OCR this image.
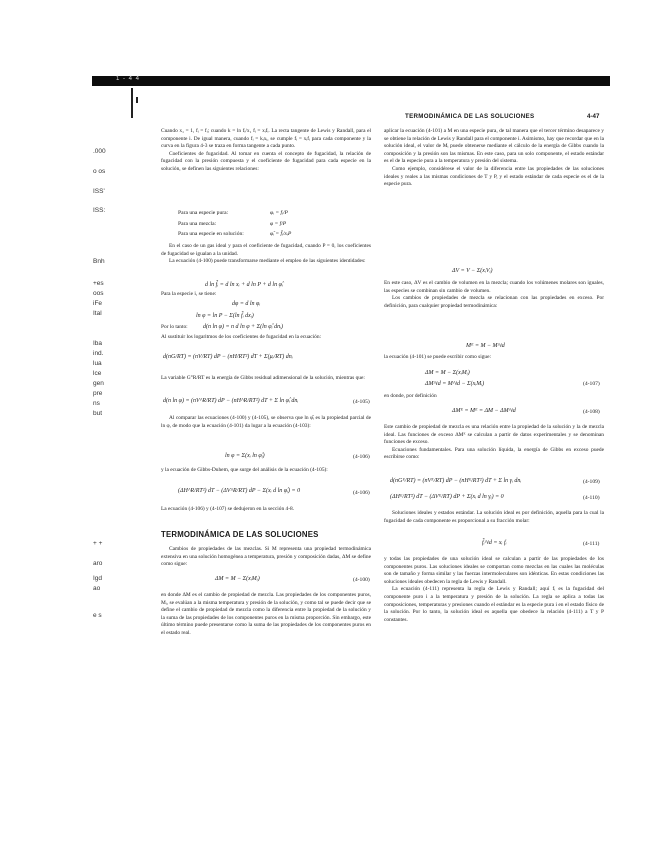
1 - 4 4
TERMODINÁMICA DE LAS SOLUCIONES	4-47
.000
o os
ISS'
ISS:
Bnh
+es
oos
iFe
Ital
Iba
ind.
lua
lce
gen
pre
ns
but
+ +
aro
Igd
ao
e s

Cuando x₁ = 1, fᵢ = fᵢ; cuando k = ln fᵢ/x₁ fᵢ = xᵢfᵢ. La recta tangente de Lewis y Randall, para el componente i. De igual manera, cuando fᵢ = kᵢxᵢ, se cumple fᵢ = xᵢfᵢ para cada componente y la curva en la figura 4-3 se traza en forma tangente a cada punto.

Coeficientes de fugacidad. Al tomar en cuenta el concepto de fugacidad, la relación de fugacidad con la presión compuesta y el coeficiente de fugacidad para cada especie en la solución, se definen las siguientes relaciones:

Para una especie pura:	φᵢ = fᵢ/P
Para una mezcla:	φ = f/P
Para una especie en solución:	φ̂ᵢ = f̂ᵢ/xᵢP

En el caso de un gas ideal y para el coeficiente de fugacidad, cuando P = 0, los coeficientes de fugacidad se igualan a la unidad.

La ecuación (4-100) puede transformarse mediante el empleo de las siguientes identidades:

d ln f̂ᵢ = d ln xᵢ + d ln P + d ln φ̂ᵢ

Para la especie i, se tiene:

dφ = d ln φᵢ
ln φ = ln P − Σ(ln f̂ᵢ dxᵢ)

Por lo tanto:	d(n ln φ) = n d ln φ + Σ(ln φ̂ᵢ dnᵢ)

Al sustituir los logaritmos de los coeficientes de fugacidad en la ecuación:

d(nG/RT) = (nV/RT) dP − (nH/RT²) dT + Σ(μᵢ/RT) dnᵢ

La variable G°R/RT es la energía de Gibbs residual adimensional de la solución, mientras que:

d(n ln φ) = (nV^R/RT) dP − (nH^R/RT²) dT + Σ ln φ̂ᵢ dnᵢ	(4-105)

Al comparar las ecuaciones (4-100) y (4-105), se observa que ln φ̂ᵢ es la propiedad parcial de ln φ, de modo que la ecuación (4-101) da lugar a la ecuación (4-103):

ln φ = Σ(xᵢ ln φ̂ᵢ)	(4-106)

y la ecuación de Gibbs-Duhem, que surge del análisis de la ecuación (4-105):

(ΔH^R/RT²) dT − (ΔV^R/RT) dP − Σ(xᵢ d ln φ̂ᵢ) = 0	(4-106)

La ecuación (4-106) y (4-107) se dedujeron en la sección 4-8.

TERMODINÁMICA DE LAS SOLUCIONES

Cambios de propiedades de las mezclas. Si M representa una propiedad termodinámica extensiva en una solución homogénea a temperatura, presión y composición dadas, ΔM se define como sigue:

ΔM = M − Σ(xᵢMᵢ)	(4-100)

en donde ΔM es el cambio de propiedad de mezcla. Las propiedades de los componentes puros, Mᵢ, se evalúan a la misma temperatura y presión de la solución, y como tal se puede decir que se define el cambio de propiedad de mezcla como la diferencia entre la propiedad de la solución y la suma de las propiedades de los componentes puros en la misma proporción. Sin embargo, este último término puede presentarse como la suma de las propiedades de los componentes puros en el estado real.

aplicar la ecuación (4-101) a M en una especie pura, de tal manera que el tercer término desaparece y se obtiene la relación de Lewis y Randall para el componente i. Asimismo, hay que recordar que en la solución ideal, el valor de Mᵢ puede obtenerse mediante el cálculo de la energía de Gibbs cuando la composición y la presión son las mismas. En este caso, para un solo componente, el estado estándar es el de la especie pura a la temperatura y presión del sistema.

Como ejemplo, considérese el valor de la diferencia entre las propiedades de las soluciones ideales y reales a las mismas condiciones de T y P, y el estado estándar de cada especie es el de la especie pura.

ΔV = V − Σ(xᵢVᵢ)

En este caso, ΔV es el cambio de volumen en la mezcla; cuando los volúmenes molares son iguales, las especies se combinan sin cambio de volumen.

Los cambios de propiedades de mezcla se relacionan con las propiedades en exceso. Por definición, para cualquier propiedad termodinámica:

Mᴱ = M − M^id

la ecuación (4-101) se puede escribir como sigue:

ΔM = M − Σ(xᵢMᵢ)
ΔM^id = M^id − Σ(xᵢMᵢ)	(4-107)

en donde, por definición

ΔMᴱ = Mᴱ = ΔM − ΔM^id	(4-108)

Este cambio de propiedad de mezcla es una relación entre la propiedad de la solución y la de mezcla ideal. Las funciones de exceso ΔMᴱ se calculan a partir de datos experimentales y se denominan funciones de exceso.

Ecuaciones fundamentales. Para una solución líquida, la energía de Gibbs en exceso puede escribirse como:

d(nGᴱ/RT) = (nVᴱ/RT) dP − (nHᴱ/RT²) dT + Σ ln γᵢ dnᵢ	(4-109)
(ΔHᴱ/RT²) dT − (ΔVᴱ/RT) dP + Σ(xᵢ d ln γᵢ) = 0	(4-110)

Soluciones ideales y estados estándar. La solución ideal es por definición, aquella para la cual la fugacidad de cada componente es proporcional a su fracción molar:

f̂ᵢ^id = xᵢ fᵢ	(4-111)

y todas las propiedades de una solución ideal se calculan a partir de las propiedades de los componentes puros. Las soluciones ideales se comportan como mezclas en las cuales las moléculas son de tamaño y forma similar y las fuerzas intermoleculares son idénticas. En estas condiciones las soluciones ideales obedecen la regla de Lewis y Randall.

La ecuación (4-111) representa la regla de Lewis y Randall; aquí fᵢ es la fugacidad del componente puro i a la temperatura y presión de la solución. La regla se aplica a todas las composiciones, temperaturas y presiones cuando el estándar es la especie pura i en el estado físico de la solución. Por lo tanto, la solución ideal es aquella que obedece la relación (4-111) a T y P constantes.
